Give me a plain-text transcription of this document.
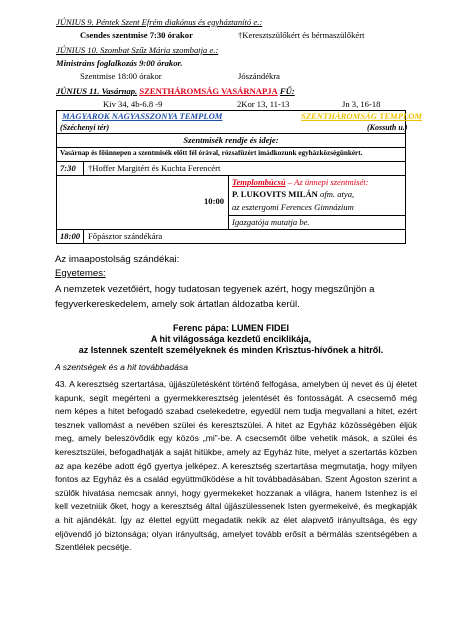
JÚNIUS 9. Péntek Szent Efrém diakónus és egyháztanító e.:
Csendes szentmise 7:30 órakor	†Keresztszülőkért és bérmaszülőkért
JÚNIUS 10. Szombat Szűz Mária szombatja e.:
Ministráns foglalkozás 9:00 órakor.
Szentmise 18:00 órakor	Jószándékra
JÚNIUS 11. Vasárnap. SZENTHÁROMSÁG VASÁRNAPJA FŰ:
Kiv 34, 4b-6.8 -9	2Kor 13, 11-13	Jn 3, 16-18
MAGYAROK NAGYASSZONYA TEMPLOM	SZENTHÁROMSÁG TEMPLOM
(Széchenyi tér)	(Kossuth u.)
Szentmisék rendje és ideje:
Vasárnap és főünnepen a szentmisék előtt fél órával, rózsafüzért imádkozunk egyházközségünkért.
7:30 †Hoffer Margitért és Kuchta Ferencért
10:00
Templombúcsú – Az ünnepi szentmisét:
P. LUKOVITS MILÁN ofm. atya,
az esztergomi Ferences Gimnázium
Igazgatója mutatja be.
18:00 Főpásztor szándékára
Az imaapostolság szándékai:
Egyetemes:
A nemzetek vezetőiért, hogy tudatosan tegyenek azért, hogy megszűnjön a fegyverkereskedelem, amely sok ártatlan áldozatba kerül.
Ferenc pápa: LUMEN FIDEI
A hit világossága kezdetű enciklikája,
az Istennek szentelt személyeknek és minden Krisztus-hívőnek a hitről.
A szentségek és a hit továbbadása
43. A keresztség szertartása, újjászületésként történő felfogása, amelyben új nevet és új életet kapunk, segít megérteni a gyermekkeresztség jelentését és fontosságát. A csecsemő még nem képes a hitet befogadó szabad cselekedetre, egyedül nem tudja megvallani a hitet, ezért tesznek vallomást a nevében szülei és keresztszülei. A hitet az Egyház közösségében éljük meg, amely beleszövődik egy közös „mi”-be. A csecsemőt ölbe vehetik mások, a szülei és keresztszülei, befogadhatják a saját hitükbe, amely az Egyház hite, melyet a szertartás közben az apa kezébe adott égő gyertya jelképez. A keresztség szertartása megmutatja, hogy milyen fontos az Egyház és a család együttműködése a hit továbbadásában. Szent Ágoston szerint a szülők hivatása nemcsak annyi, hogy gyermekeket hozzanak a világra, hanem Istenhez is el kell vezetniük őket, hogy a keresztség által újjászülessenek Isten gyermekeivé, és megkapják a hit ajándékát. Így az élettel együtt megadatik nekik az élet alapvető irányultsága, és egy eljövendő jó biztonsága; olyan irányultság, amelyet tovább erősít a bérmálás szentségében a Szentlélek pecsétje.
